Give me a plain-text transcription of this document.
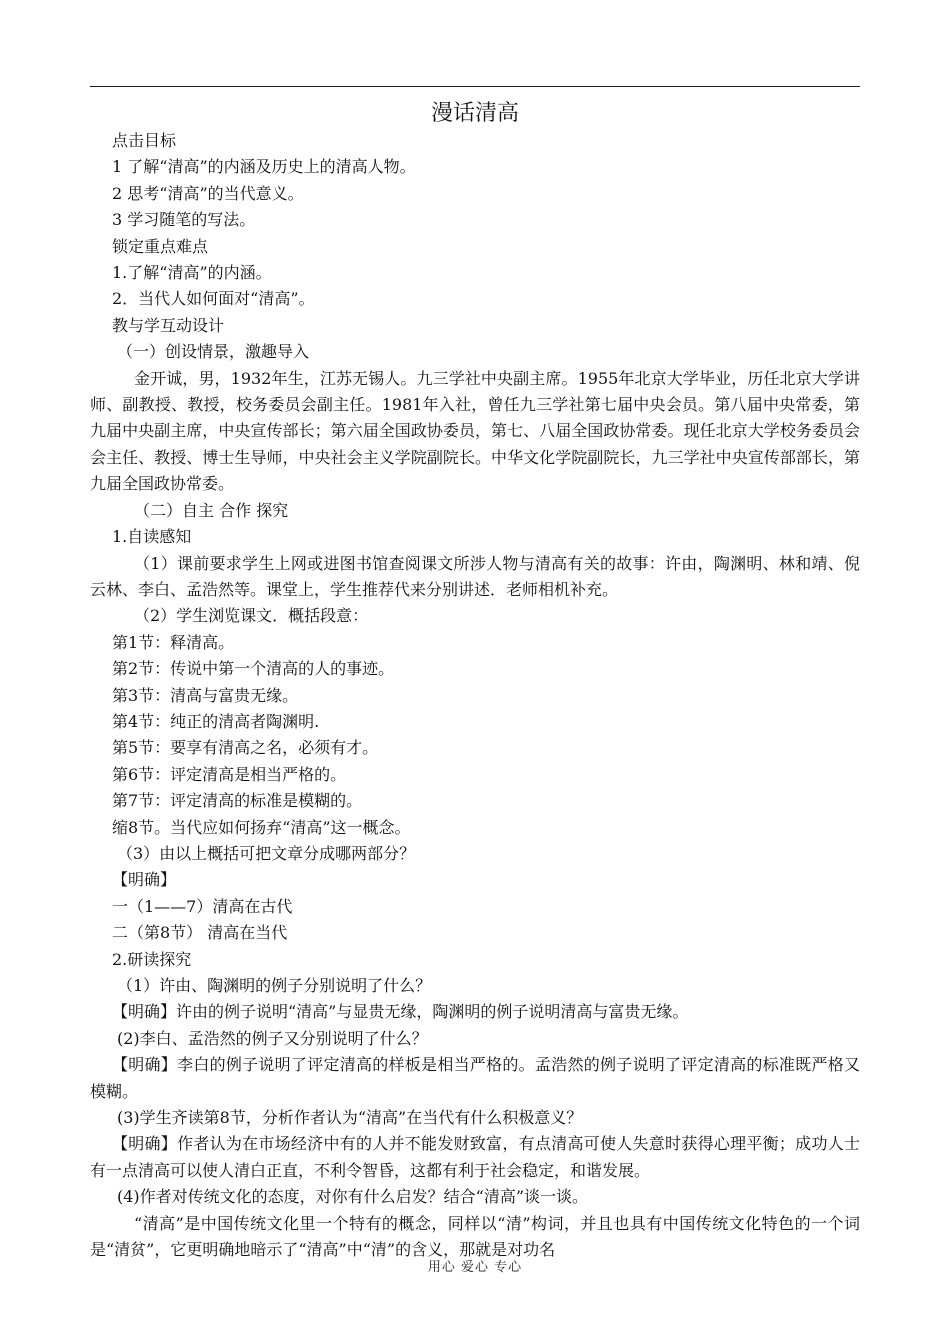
漫话清高

点击目标

1 了解“清高”的内涵及历史上的清高人物。

2 思考“清高”的当代意义。

3 学习随笔的写法。

锁定重点难点

1.了解“清高”的内涵。

2．当代人如何面对“清高”。

教与学互动设计

（一）创设情景，激趣导入

金开诚，男，1932年生，江苏无锡人。九三学社中央副主席。1955年北京大学毕业，历任北京大学讲师、副教授、教授，校务委员会副主任。1981年入社，曾任九三学社第七届中央会员。第八届中央常委，第九届中央副主席，中央宣传部长；第六届全国政协委员，第七、八届全国政协常委。现任北京大学校务委员会会主任、教授、博士生导师，中央社会主义学院副院长。中华文化学院副院长，九三学社中央宣传部部长，第九届全国政协常委。

（二）自主 合作 探究

1.自读感知

（1）课前要求学生上网或进图书馆查阅课文所涉人物与清高有关的故事：许由，陶渊明、林和靖、倪云林、李白、孟浩然等。课堂上，学生推荐代来分别讲述．老师相机补充。

（2）学生浏览课文．概括段意：

第1节：释清高。

第2节：传说中第一个清高的人的事迹。

第3节：清高与富贵无缘。

第4节：纯正的清高者陶渊明.

第5节：要享有清高之名，必须有才。

第6节：评定清高是相当严格的。

第7节：评定清高的标准是模糊的。

缩8节。当代应如何扬弃“清高”这一概念。

（3）由以上概括可把文章分成哪两部分？

【明确】

一（1——7）清高在古代

二（第8节） 清高在当代

2.研读探究

（1）许由、陶渊明的例子分别说明了什么？

【明确】许由的例子说明“清高”与显贵无缘，陶渊明的例子说明清高与富贵无缘。

(2)李白、孟浩然的例子又分别说明了什么？

【明确】李白的例子说明了评定清高的样板是相当严格的。孟浩然的例子说明了评定清高的标准既严格又模糊。

(3)学生齐读第8节，分析作者认为“清高”在当代有什么积极意义？

【明确】作者认为在市场经济中有的人并不能发财致富，有点清高可使人失意时获得心理平衡；成功人士有一点清高可以使人清白正直，不利令智昏，这都有利于社会稳定，和谐发展。

(4)作者对传统文化的态度，对你有什么启发？结合“清高”谈一谈。

“清高”是中国传统文化里一个特有的概念，同样以“清”构词，并且也具有中国传统文化特色的一个词是“清贫”，它更明确地暗示了“清高”中“清”的含义，那就是对功名

用心 爱心 专心
